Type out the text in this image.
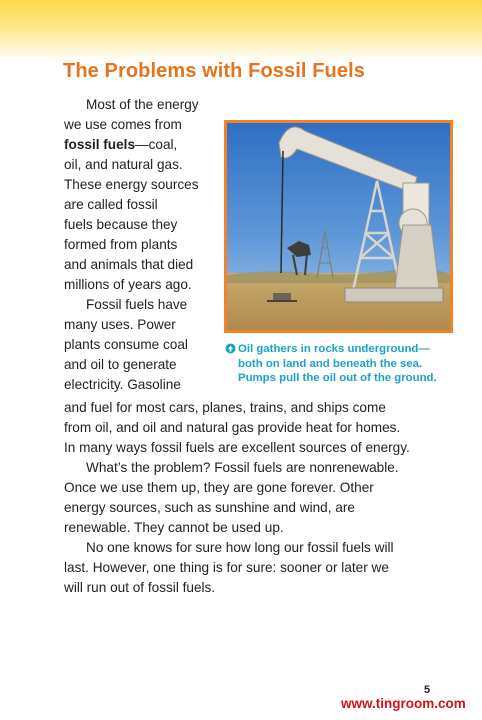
The Problems with Fossil Fuels
Most of the energy
we use comes from
fossil fuels—coal,
oil, and natural gas.
These energy sources
are called fossil
fuels because they
formed from plants
and animals that died
millions of years ago.
Fossil fuels have
many uses. Power
plants consume coal
and oil to generate
electricity. Gasoline
and fuel for most cars, planes, trains, and ships come
from oil, and oil and natural gas provide heat for homes.
In many ways fossil fuels are excellent sources of energy.
What’s the problem? Fossil fuels are nonrenewable.
Once we use them up, they are gone forever. Other
energy sources, such as sunshine and wind, are
renewable. They cannot be used up.
No one knows for sure how long our fossil fuels will
last. However, one thing is for sure: sooner or later we
will run out of fossil fuels.
Oil gathers in rocks underground—
both on land and beneath the sea.
Pumps pull the oil out of the ground.
5
www.tingroom.com
